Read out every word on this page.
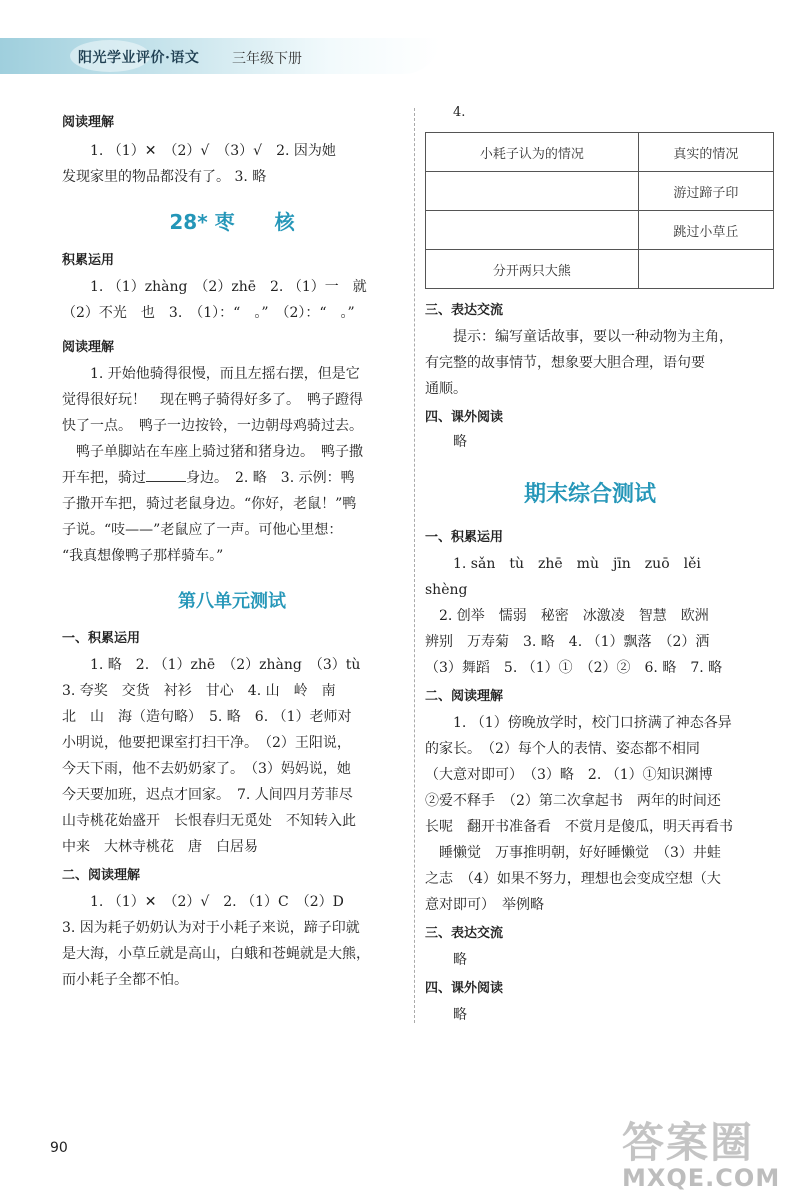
阳光学业评价·语文 三年级下册

阅读理解

1. （1）✕　（2）√　（3）√　2. 因为她

发现家里的物品都没有了。 3. 略

28* 枣　　核

积累运用

1. （1）zhàng　（2）zhē　2. （1）一　就

（2）不光　也　3.　（1）：“　。”　（2）：“　。”

阅读理解

1. 开始他骑得很慢，而且左摇右摆，但是它

觉得很好玩！　现在鸭子骑得好多了。　鸭子蹬得

快了一点。　鸭子一边按铃，一边朝母鸡骑过去。

鸭子单脚站在车座上骑过猪和猪身边。　鸭子撒

开车把，骑过	身边。　2. 略　3. 示例：鸭

子撒开车把，骑过老鼠身边。“你好，老鼠！”鸭

子说。“吱——”老鼠应了一声。可他心里想：

“我真想像鸭子那样骑车。”

第八单元测试

一、积累运用

1. 略　2. （1）zhē　（2）zhàng　（3）tù

3. 夸奖　交货　衬衫　甘心　4. 山　岭　南

北　山　海（造句略）　5. 略　6. （1）老师对

小明说，他要把课室打扫干净。　（2）王阳说，

今天下雨，他不去奶奶家了。　（3）妈妈说，她

今天要加班，迟点才回家。　7. 人间四月芳菲尽

山寺桃花始盛开　长恨春归无觅处　不知转入此

中来　大林寺桃花　唐　白居易

二、阅读理解

1. （1）✕　（2）√　2. （1）C　（2）D

3. 因为耗子奶奶认为对于小耗子来说，蹄子印就

是大海，小草丘就是高山，白蛾和苍蝇就是大熊，

而小耗子全都不怕。

4.

小耗子认为的情况	真实的情况
	游过蹄子印
	跳过小草丘
分开两只大熊	

三、表达交流

提示：编写童话故事，要以一种动物为主角，

有完整的故事情节，想象要大胆合理，语句要

通顺。

四、课外阅读

略

期末综合测试

一、积累运用

1. sǎn　tù　zhē　mù　jīn　zuō　lěi　shèng

2. 创举　懦弱　秘密　冰激凌　智慧　欧洲

辨别　万寿菊　3. 略　4. （1）飘落　（2）洒

（3）舞蹈　5. （1）①　（2）②　6. 略　7. 略

二、阅读理解

1. （1）傍晚放学时，校门口挤满了神态各异

的家长。　（2）每个人的表情、姿态都不相同

（大意对即可）　（3）略　2. （1）①知识渊博

②爱不释手　（2）第二次拿起书　两年的时间还

长呢　翻开书准备看　不赏月是傻瓜，明天再看书

睡懒觉　万事推明朝，好好睡懒觉　（3）井蛙

之志　（4）如果不努力，理想也会变成空想（大

意对即可）　举例略

三、表达交流

略

四、课外阅读

略

90	答案圈
MXQE.COM
